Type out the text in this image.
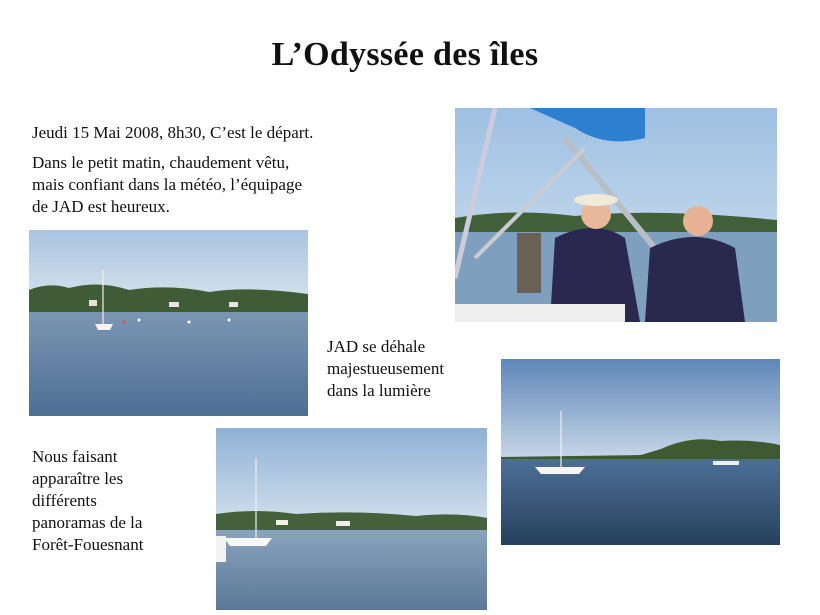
L’Odyssée des îles
Jeudi 15 Mai 2008, 8h30, C’est le départ.
Dans le petit matin, chaudement vêtu,
mais confiant dans la météo, l’équipage
de JAD est heureux.
JAD se déhale
majestueusement
dans la lumière
Nous faisant
apparaître les
différents
panoramas de la
Forêt-Fouesnant
